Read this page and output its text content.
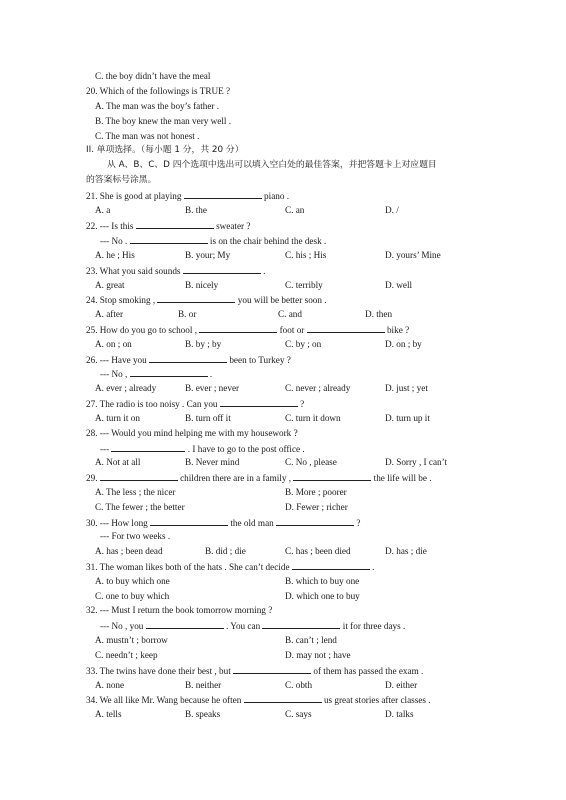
C. the boy didn’t have the meal
20. Which of the followings is TRUE ?
A. The man was the boy’s father .
B. The boy knew the man very well .
C. The man was not honest .
II. 单项选择。（每小题 1 分，共 20 分）
从 A、B、C、D 四个选项中选出可以填入空白处的最佳答案，并把答题卡上对应题目
的答案标号涂黑。
21. She is good at playing	piano .
A. a	B. the	C. an	D. /
22. --- Is this	sweater ?
--- No .	is on the chair behind the desk .
A. he ; His	B. your; My	C. his ; His	D. yours’ Mine
23. What you said sounds	.
A. great	B. nicely	C. terribly	D. well
24. Stop smoking ,	you will be better soon .
A. after	B. or	C. and	D. then
25. How do you go to school ,	foot or	bike ?
A. on ; on	B. by ; by	C. by ; on	D. on ; by
26. --- Have you	been to Turkey ?
--- No ,	.
A. ever ; already	B. ever ; never	C. never ; already	D. just ; yet
27. The radio is too noisy . Can you	?
A. turn it on	B. turn off it	C. turn it down	D. turn up it
28. --- Would you mind helping me with my housework ?
---	. I have to go to the post office .
A. Not at all	B. Never mind	C. No , please	D. Sorry , I can’t
29.	children there are in a family ,	the life will be .
A. The less ; the nicer	B. More ; poorer
C. The fewer ; the better	D. Fewer ; richer
30. --- How long	the old man	?
--- For two weeks .
A. has ; been dead	B. did ; die	C. has ; been died	D. has ; die
31. The woman likes both of the hats . She can’t decide	.
A. to buy which one	B. which to buy one
C. one to buy which	D. which one to buy
32. --- Must I return the book tomorrow morning ?
--- No , you	. You can	it for three days .
A. mustn’t ; borrow	B. can’t ; lend
C. needn’t ; keep	D. may not ; have
33. The twins have done their best , but	of them has passed the exam .
A. none	B. neither	C. obth	D. either
34. We all like Mr. Wang because he often	us great stories after classes .
A. tells	B. speaks	C. says	D. talks
